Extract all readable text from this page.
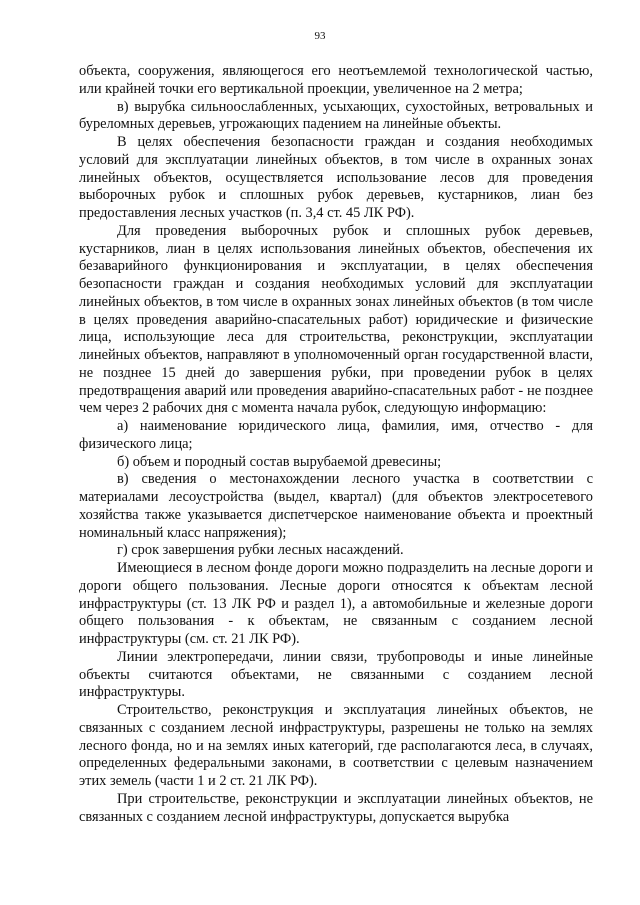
93

объекта, сооружения, являющегося его неотъемлемой технологической частью, или крайней точки его вертикальной проекции, увеличенное на 2 метра;

в) вырубка сильноослабленных, усыхающих, сухостойных, ветровальных и буреломных деревьев, угрожающих падением на линейные объекты.

В целях обеспечения безопасности граждан и создания необходимых условий для эксплуатации линейных объектов, в том числе в охранных зонах линейных объектов, осуществляется использование лесов для проведения выборочных рубок и сплошных рубок деревьев, кустарников, лиан без предоставления лесных участков (п. 3,4 ст. 45 ЛК РФ).

Для проведения выборочных рубок и сплошных рубок деревьев, кустарников, лиан в целях использования линейных объектов, обеспечения их безаварийного функционирования и эксплуатации, в целях обеспечения безопасности граждан и создания необходимых условий для эксплуатации линейных объектов, в том числе в охранных зонах линейных объектов (в том числе в целях проведения аварийно-спасательных работ) юридические и физические лица, использующие леса для строительства, реконструкции, эксплуатации линейных объектов, направляют в уполномоченный орган государственной власти, не позднее 15 дней до завершения рубки, при проведении рубок в целях предотвращения аварий или проведения аварийно-спасательных работ - не позднее чем через 2 рабочих дня с момента начала рубок, следующую информацию:

а) наименование юридического лица, фамилия, имя, отчество - для физического лица;

б) объем и породный состав вырубаемой древесины;

в) сведения о местонахождении лесного участка в соответствии с материалами лесоустройства (выдел, квартал) (для объектов электросетевого хозяйства также указывается диспетчерское наименование объекта и проектный номинальный класс напряжения);

г) срок завершения рубки лесных насаждений.

Имеющиеся в лесном фонде дороги можно подразделить на лесные дороги и дороги общего пользования. Лесные дороги относятся к объектам лесной инфраструктуры (ст. 13 ЛК РФ и раздел 1), а автомобильные и железные дороги общего пользования - к объектам, не связанным с созданием лесной инфраструктуры (см. ст. 21 ЛК РФ).

Линии электропередачи, линии связи, трубопроводы и иные линейные объекты считаются объектами, не связанными с созданием лесной инфраструктуры.

Строительство, реконструкция и эксплуатация линейных объектов, не связанных с созданием лесной инфраструктуры, разрешены не только на землях лесного фонда, но и на землях иных категорий, где располагаются леса, в случаях, определенных федеральными законами, в соответствии с целевым назначением этих земель (части 1 и 2 ст. 21 ЛК РФ).

При строительстве, реконструкции и эксплуатации линейных объектов, не связанных с созданием лесной инфраструктуры, допускается вырубка
